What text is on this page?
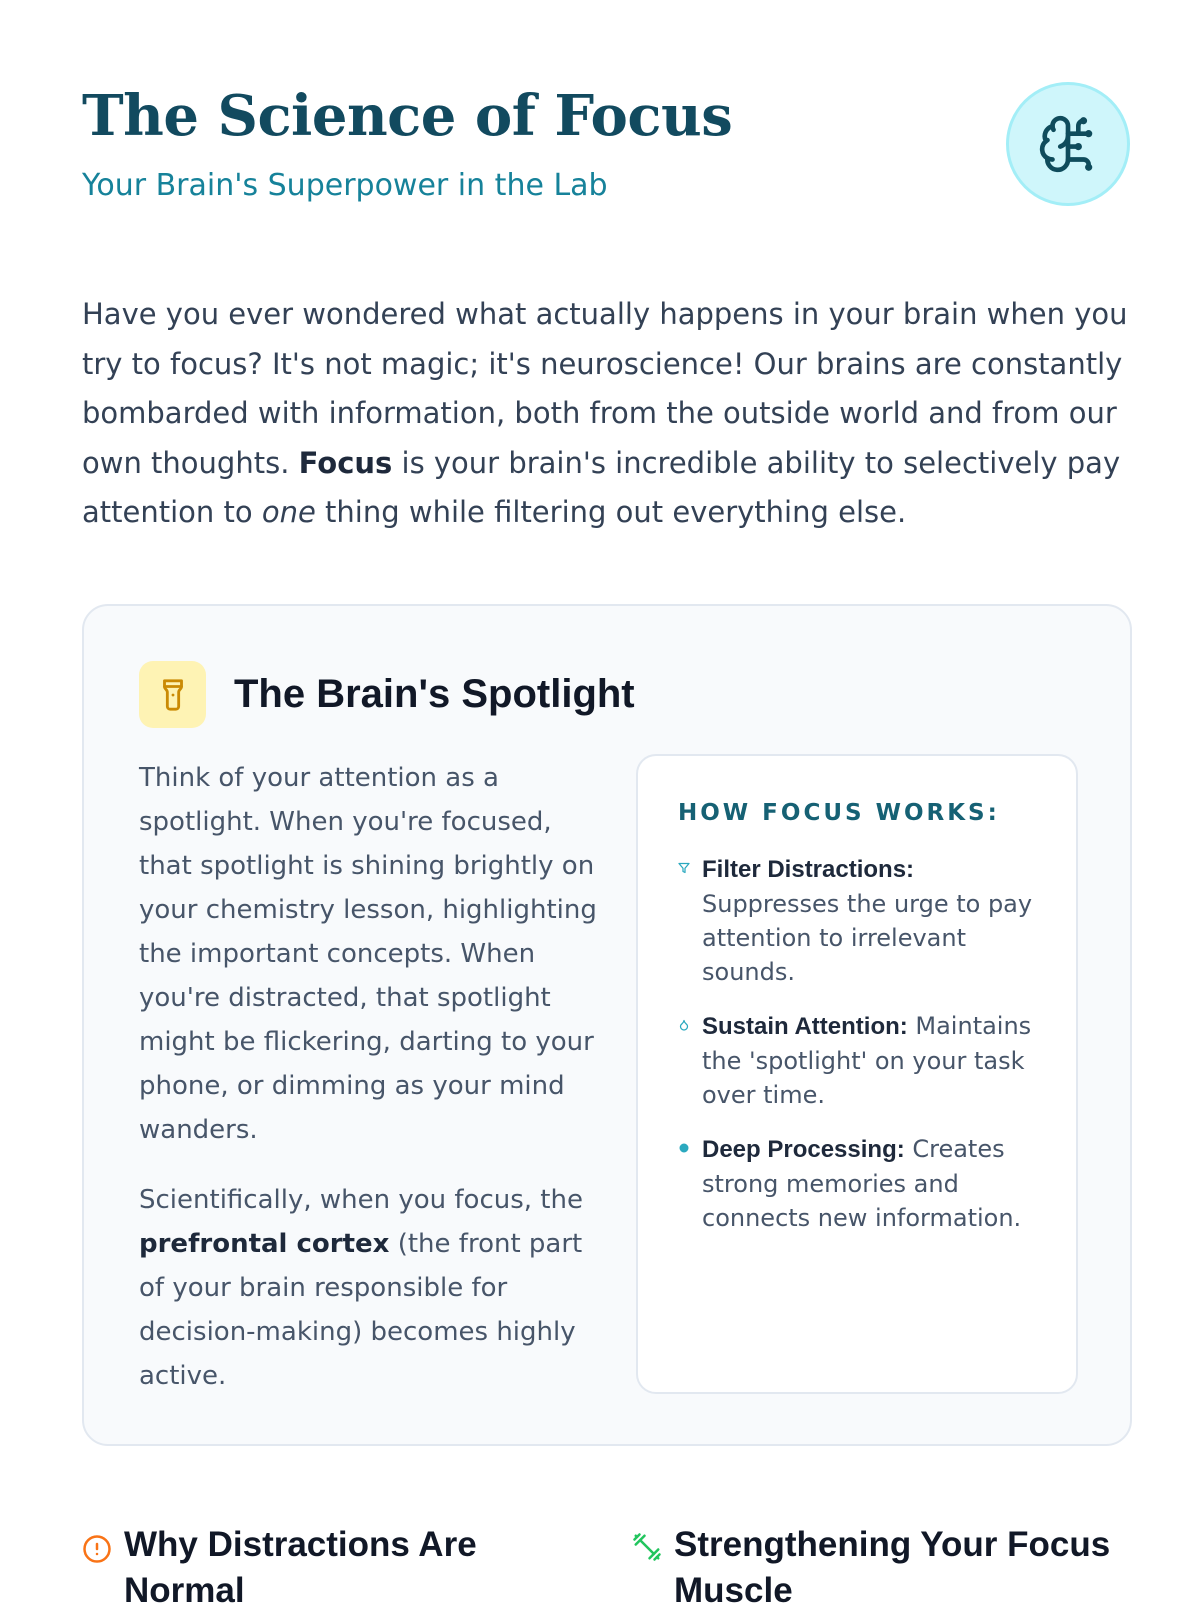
The Science of Focus
Your Brain's Superpower in the Lab

Have you ever wondered what actually happens in your brain when you try to focus? It's not magic; it's neuroscience! Our brains are constantly bombarded with information, both from the outside world and from our own thoughts. Focus is your brain's incredible ability to selectively pay attention to one thing while filtering out everything else.

The Brain's Spotlight

Think of your attention as a spotlight. When you're focused, that spotlight is shining brightly on your chemistry lesson, highlighting the important concepts. When you're distracted, that spotlight might be flickering, darting to your phone, or dimming as your mind wanders.

Scientifically, when you focus, the prefrontal cortex (the front part of your brain responsible for decision-making) becomes highly active.

HOW FOCUS WORKS:
Filter Distractions: Suppresses the urge to pay attention to irrelevant sounds.
Sustain Attention: Maintains the 'spotlight' on your task over time.
Deep Processing: Creates strong memories and connects new information.
Why Distractions Are Normal
Strengthening Your Focus Muscle
